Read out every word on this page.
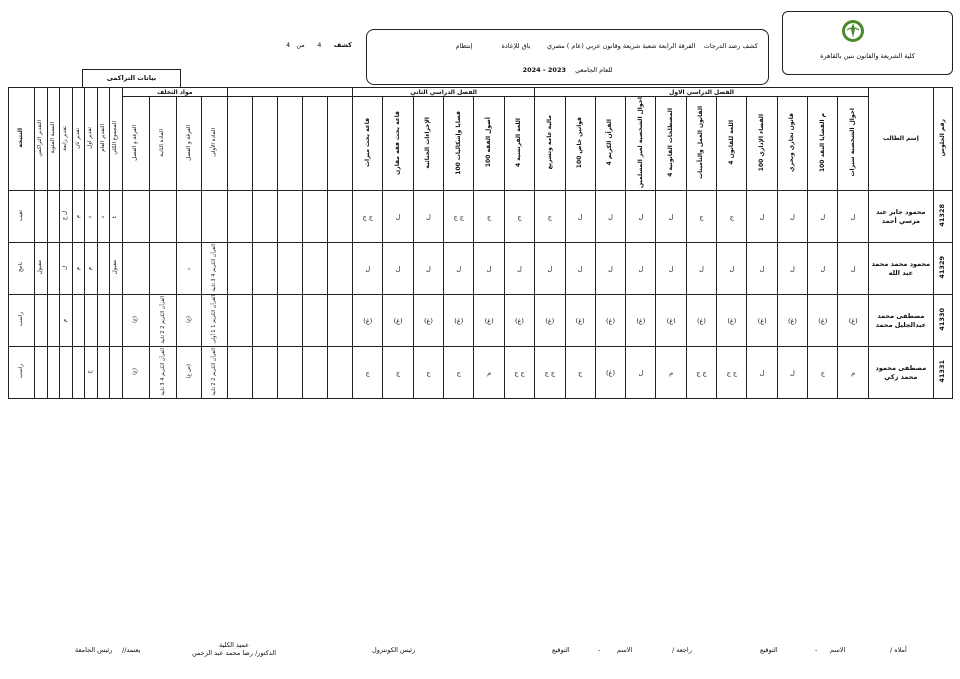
كلية الشريعة والقانون بنين بالقاهرة
كشف رصد الدرجات    الفرقة الرابعة شعبة شريعة وقانون عربي (عام ) مصري        باق للإعادة              إنتظام
للعام الجامعي    2023 - 2024
كشف      4      من   4
بيانات التراكمى
النتيجة	التقدير التراكمي	النسبة المئوية	تقدير رابعة	تقدير ثان	تقدير اول	التقدير العام	المجموع الكلي	مواد التخلف									الفصل الدراسي الثاني						الفصل الدراسي الاول											إسم الطالب	رقم الجلوس
								الفرقة و الفصل	المادة الثانية	الفرقة و الفصل	المادة الأولى						قاعة بحث ميراث	قاعة بحث فقه مقارن	الإجراءات الجنائية	قضايا وإشكاليات 100	أصول الفقه 100	اللغة الفرنسية 4	مالية عامة وتشريع	قوانين خاص 100	القرآن الكريم 4	احوال الشخصية لغير المسلمين	المصطلحات القانونية 4	القانون العمل والتأمينات	اللغة للقانون 4	القضاء الإداري 100	قانون تجاري وبحري	م القضايا النقد 100	احوال الشخصية سيرات		
تغيب			ل ج	م	د	د	t										ج ج	ل	ل	ج ج	ج	ج	ج	ل	ل	ل	ل	ج	ج	ل	ل	ل	ل	محمود جابر عبد مرسي أحمد	41328
ناجح	مقبول		ل	م	م		مقبول			د	القرآن الكريم 4 3 ثانية						ل	ل	ل	ل	ل	ل	ل	ل	ل	ل	ل	ل	ل	ل	ل	ل	ل	محمود محمد محمد عبد الله	41329
راسب			م					(غ)	القرآن الكريم 2 2 ثانية	(غ)	القرآن الكريم 1 1 أولى						(غ)	(غ)	(غ)	(غ)	(غ)	(غ)	(غ)	(غ)	(غ)	(غ)	(غ)	(غ)	(غ)	(غ)	(غ)	(غ)	(غ)	مصطفى محمد عبدالجليل محمد	41330
راسب					ج			(غ)	القرآن الكريم 4 3 ثانية	(ض ع)	القرآن الكريم 2 2 ثانية						ج	ج	ج	ج	م	ج ج	ج ج	ج	(غ)	ل	م	ج ج	ج ج	ل	ل	ج	م	مصطفى محمود محمد زكي	41331
أملاه /
الاسم
-
التوقيع
راجعه /
الاسم
-
التوقيع
رئيس الكونترول
عميد الكلية
الدكتور/ رضا محمد عبد الرحمن
يعتمد//
رئيس الجامعة
